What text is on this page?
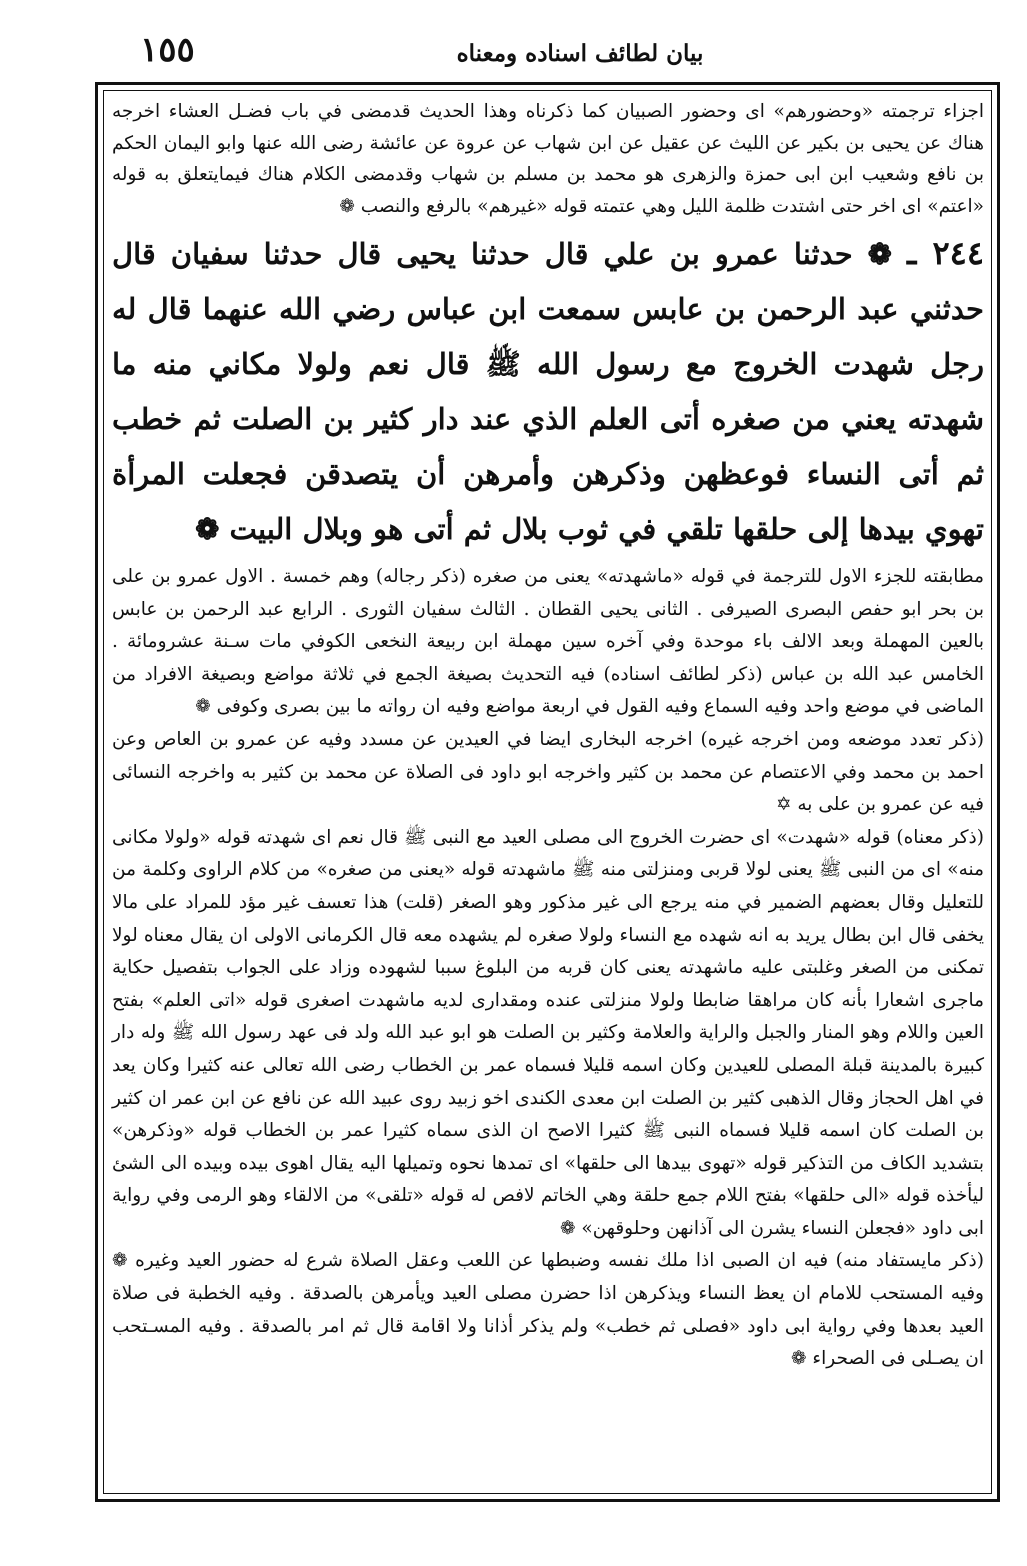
١٥٥	بيان لطائف اسناده ومعناه

اجزاء ترجمته «وحضورهم» اى وحضور الصبيان كما ذكرناه وهذا الحديث قدمضى في باب فضـل العشاء اخرجه هناك عن يحيى بن بكير عن الليث عن عقيل عن ابن شهاب عن عروة عن عائشة رضى الله عنها وابو اليمان الحكم بن نافع وشعيب ابن ابى حمزة والزهرى هو محمد بن مسلم بن شهاب وقدمضى الكلام هناك فيمايتعلق به قوله «اعتم» اى اخر حتى اشتدت ظلمة الليل وهي عتمته قوله «غيرهم» بالرفع والنصب ❁

٢٤٤ ـ ❁ حدثنا عمرو بن علي قال حدثنا يحيى قال حدثنا سفيان قال حدثني عبد الرحمن بن عابس سمعت ابن عباس رضي الله عنهما قال له رجل شهدت الخروج مع رسول الله ﷺ قال نعم ولولا مكاني منه ما شهدته يعني من صغره أتى العلم الذي عند دار كثير بن الصلت ثم خطب ثم أتى النساء فوعظهن وذكرهن وأمرهن أن يتصدقن فجعلت المرأة تهوي بيدها إلى حلقها تلقي في ثوب بلال ثم أتى هو وبلال البيت ❁

مطابقته للجزء الاول للترجمة في قوله «ماشهدته» يعنى من صغره (ذكر رجاله) وهم خمسة . الاول عمرو بن على بن بحر ابو حفص البصرى الصيرفى . الثانى يحيى القطان . الثالث سفيان الثورى . الرابع عبد الرحمن بن عابس بالعين المهملة وبعد الالف باء موحدة وفي آخره سين مهملة ابن ربيعة النخعى الكوفي مات سـنة عشرومائة . الخامس عبد الله بن عباس (ذكر لطائف اسناده) فيه التحديث بصيغة الجمع في ثلاثة مواضع وبصيغة الافراد من الماضى في موضع واحد وفيه السماع وفيه القول في اربعة مواضع وفيه ان رواته ما بين بصرى وكوفى ❁

(ذكر تعدد موضعه ومن اخرجه غيره) اخرجه البخارى ايضا في العيدين عن مسدد وفيه عن عمرو بن العاص وعن احمد بن محمد وفي الاعتصام عن محمد بن كثير واخرجه ابو داود فى الصلاة عن محمد بن كثير به واخرجه النسائى فيه عن عمرو بن على به ✡

(ذكر معناه) قوله «شهدت» اى حضرت الخروج الى مصلى العيد مع النبى ﷺ قال نعم اى شهدته قوله «ولولا مكانى منه» اى من النبى ﷺ يعنى لولا قربى ومنزلتى منه ﷺ ماشهدته قوله «يعنى من صغره» من كلام الراوى وكلمة من للتعليل وقال بعضهم الضمير في منه يرجع الى غير مذكور وهو الصغر (قلت) هذا تعسف غير مؤد للمراد على مالا يخفى قال ابن بطال يريد به انه شهده مع النساء ولولا صغره لم يشهده معه قال الكرمانى الاولى ان يقال معناه لولا تمكنى من الصغر وغلبتى عليه ماشهدته يعنى كان قربه من البلوغ سببا لشهوده وزاد على الجواب بتفصيل حكاية ماجرى اشعارا بأنه كان مراهقا ضابطا ولولا منزلتى عنده ومقدارى لديه ماشهدت اصغرى قوله «اتى العلم» بفتح العين واللام وهو المنار والجبل والراية والعلامة وكثير بن الصلت هو ابو عبد الله ولد فى عهد رسول الله ﷺ وله دار كبيرة بالمدينة قبلة المصلى للعيدين وكان اسمه قليلا فسماه عمر بن الخطاب رضى الله تعالى عنه كثيرا وكان يعد في اهل الحجاز وقال الذهبى كثير بن الصلت ابن معدى الكندى اخو زبيد روى عبيد الله عن نافع عن ابن عمر ان كثير بن الصلت كان اسمه قليلا فسماه النبى ﷺ كثيرا الاصح ان الذى سماه كثيرا عمر بن الخطاب قوله «وذكرهن» بتشديد الكاف من التذكير قوله «تهوى بيدها الى حلقها» اى تمدها نحوه وتميلها اليه يقال اهوى بيده وبيده الى الشئ ليأخذه قوله «الى حلقها» بفتح اللام جمع حلقة وهي الخاتم لافص له قوله «تلقى» من الالقاء وهو الرمى وفي رواية ابى داود «فجعلن النساء يشرن الى آذانهن وحلوقهن» ❁

(ذكر مايستفاد منه) فيه ان الصبى اذا ملك نفسه وضبطها عن اللعب وعقل الصلاة شرع له حضور العيد وغيره ❁ وفيه المستحب للامام ان يعظ النساء ويذكرهن اذا حضرن مصلى العيد ويأمرهن بالصدقة . وفيه الخطبة فى صلاة العيد بعدها وفي رواية ابى داود «فصلى ثم خطب» ولم يذكر أذانا ولا اقامة قال ثم امر بالصدقة . وفيه المسـتحب ان يصـلى فى الصحراء ❁
